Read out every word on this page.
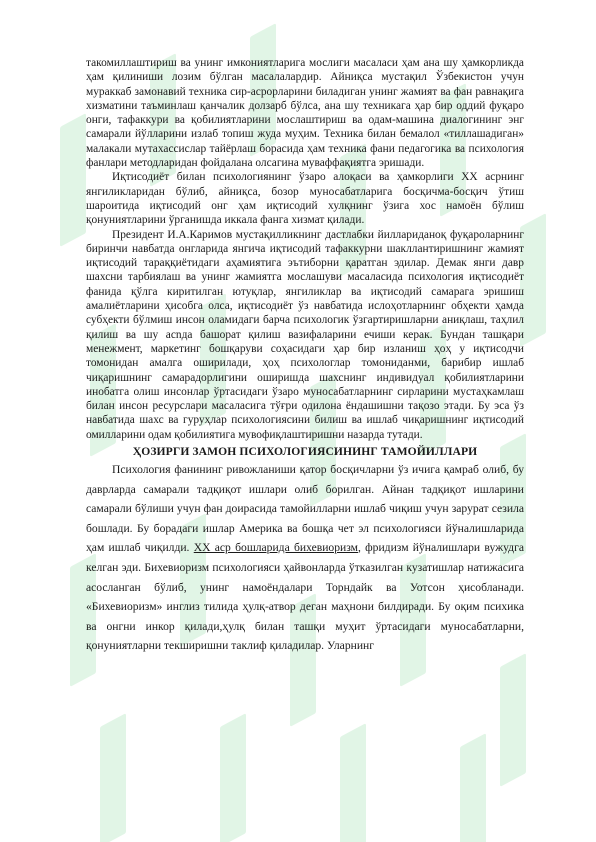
такомиллаштириш ва унинг имкониятларига мослиги масаласи ҳам ана шу ҳамкорликда ҳам қилиниши лозим бўлган масалалардир. Айниқса мустақил Ўзбекистон учун мураккаб замонавий техника сир-асрорларини биладиган унинг жамият ва фан равнақига хизматини таъминлаш қанчалик долзарб бўлса, ана шу техникага ҳар бир оддий фуқаро онги, тафаккури ва қобилиятларини мослаштириш ва одам-машина диалогининг энг самарали йўлларини излаб топиш жуда муҳим. Техника билан бемалол «тиллашадиган» малакали мутахассислар тайёрлаш борасида ҳам техника фани педагогика ва психология фанлари методларидан фойдалана олсагина муваффақиятга эришади.

Иқтисодиёт билан психологиянинг ўзаро алоқаси ва ҳамкорлиги XX асрнинг янгиликларидан бўлиб, айниқса, бозор муносабатларига босқичма-босқич ўтиш шароитида иқтисодий онг ҳам иқтисодий хулқнинг ўзига хос намоён бўлиш қонуниятларини ўрганишда иккала фанга хизмат қилади.

Президент И.А.Каримов мустақилликнинг дастлабки йиллариданоқ фуқароларнинг биринчи навбатда онгларида янгича иқтисодий тафаккурни шакллантиришнинг жамият иқтисодий тараққиётидаги аҳамиятига эътиборни қаратган эдилар. Демак янги давр шахсни тарбиялаш ва унинг жамиятга мослашуви масаласида психология иқтисодиёт фанида қўлга киритилган ютуқлар, янгиликлар ва иқтисодий самарага эришиш амалиётларини ҳисобга олса, иқтисодиёт ўз навбатида ислоҳотларнинг обҳекти ҳамда субҳекти бўлмиш инсон оламидаги барча психологик ўзгартиришларни аниқлаш, таҳлил қилиш ва шу асnда башорат қилиш вазифаларини ечиши керак. Бундан ташқари менежмент, маркетинг бошқаруви соҳасидаги ҳар бир изланиш ҳоҳ у иқтисодчи томонидан амалга оширилади, ҳоҳ психологлар томониданми, барибир ишлаб чиқаришнинг самарадорлигини оширишда шахснинг индивидуал қобилиятларини инобатга олиш инсонлар ўртасидаги ўзаро муносабатларнинг сирларини мустаҳкамлаш билан инсон ресурслари масаласига тўғри одилона ёндашишни тақозо этади. Бу эса ўз навбатида шахс ва гуруҳлар психологиясини билиш ва ишлаб чиқаришнинг иқтисодий омилларини одам қобилиятига мувофиқлаштиришни назарда тутади.

ҲОЗИРГИ ЗАМОН ПСИХОЛОГИЯСИНИНГ ТАМОЙИЛЛАРИ

Психология фанининг ривожланиши қатор босқичларни ўз ичига қамраб олиб, бу даврларда самарали тадқиқот ишлари олиб борилган. Айнан тадқиқот ишларини самарали бўлиши учун фан доирасида тамойилларни ишлаб чиқиш учун зарурат сезила бошлади. Бу борадаги ишлар Америка ва бошқа чет эл психологияси йўналишларида ҳам ишлаб чиқилди. XX аср бошларида бихевиоризм, фридизм йўналишлари вужудга келган эди. Бихевиоризм психологияси ҳайвонларда ўтказилган кузатишлар натижасига асосланган бўлиб, унинг намоёндалари Торндайк ва Уотсон ҳисобланади. «Бихевиоризм» инглиз тилида ҳулқ-атвор деган маҳнони билдиради. Бу оқим психика ва онгни инкор қилади,ҳулқ билан ташқи муҳит ўртасидаги муносабатларни, қонуниятларни текширишни таклиф қиладилар. Уларнинг
